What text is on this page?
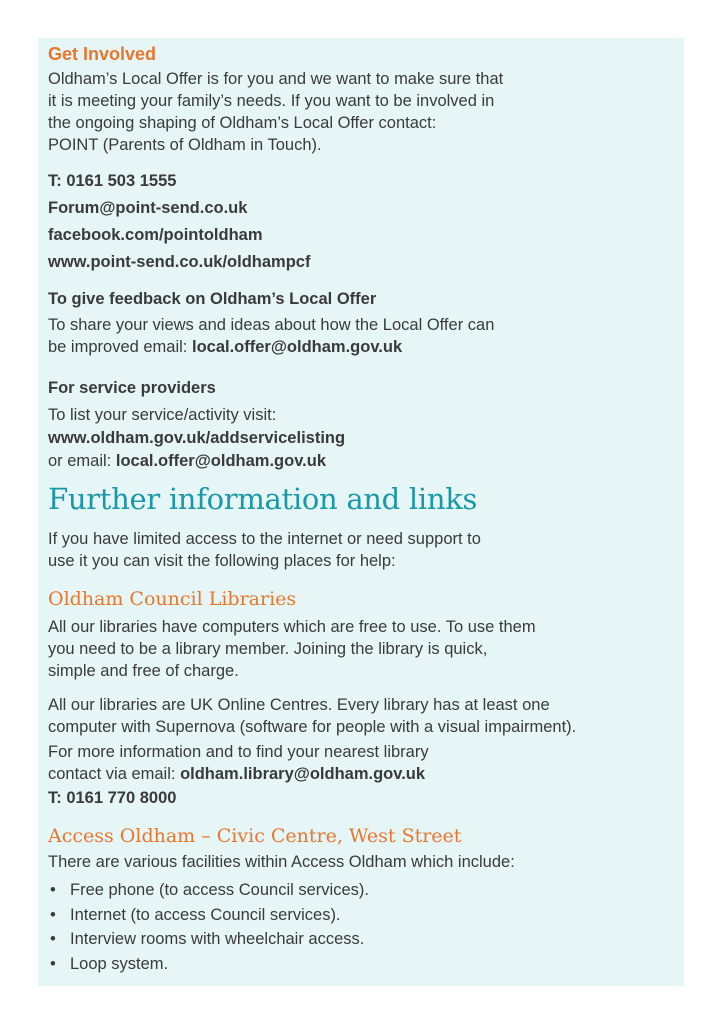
Get Involved

Oldham’s Local Offer is for you and we want to make sure that
it is meeting your family’s needs. If you want to be involved in
the ongoing shaping of Oldham’s Local Offer contact:
POINT (Parents of Oldham in Touch).

T: 0161 503 1555

Forum@point-send.co.uk

facebook.com/pointoldham

www.point-send.co.uk/oldhampcf

To give feedback on Oldham’s Local Offer

To share your views and ideas about how the Local Offer can
be improved email: local.offer@oldham.gov.uk

For service providers

To list your service/activity visit:

www.oldham.gov.uk/addservicelisting

or email: local.offer@oldham.gov.uk

Further information and links

If you have limited access to the internet or need support to
use it you can visit the following places for help:

Oldham Council Libraries

All our libraries have computers which are free to use. To use them
you need to be a library member. Joining the library is quick,
simple and free of charge.

All our libraries are UK Online Centres. Every library has at least one
computer with Supernova (software for people with a visual impairment).

For more information and to find your nearest library
contact via email: oldham.library@oldham.gov.uk

T: 0161 770 8000

Access Oldham – Civic Centre, West Street

There are various facilities within Access Oldham which include:

• Free phone (to access Council services).
• Internet (to access Council services).
• Interview rooms with wheelchair access.
• Loop system.
